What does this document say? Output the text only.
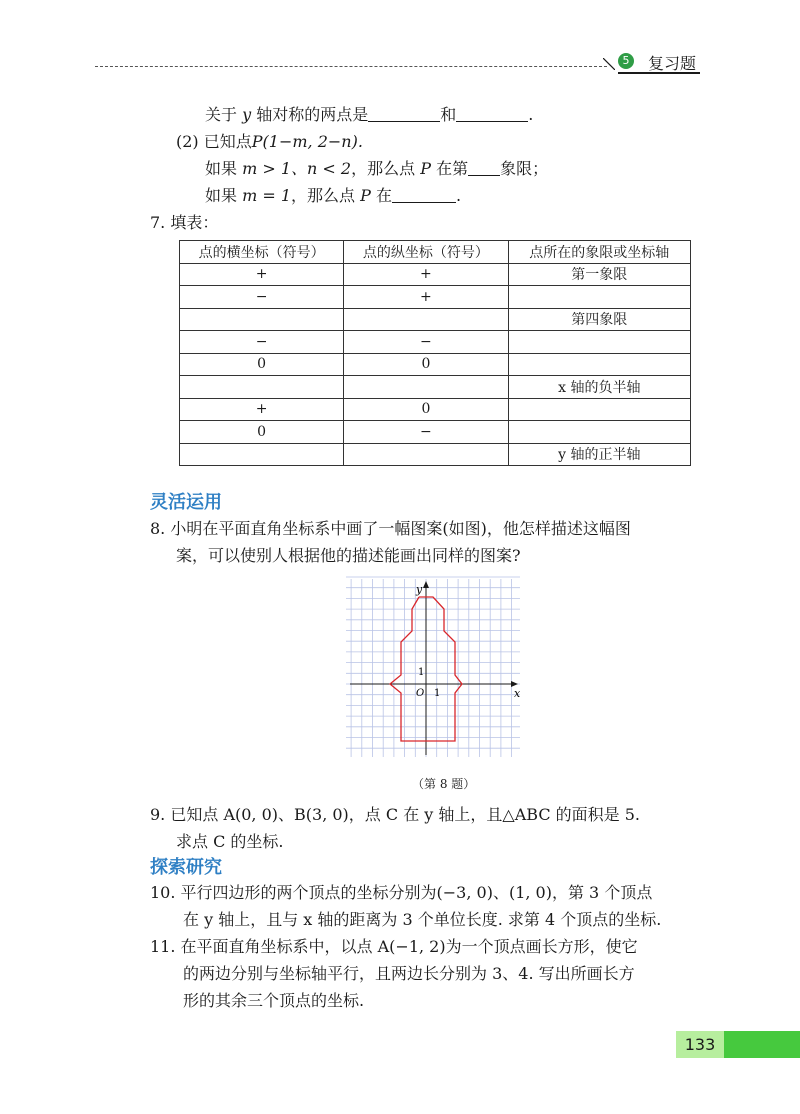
5 复习题
关于 y 轴对称的两点是	和	.
(2) 已知点P(1−m, 2−n).
如果 m > 1、n < 2，那么点 P 在第 象限；
如果 m = 1，那么点 P 在	.
7. 填表：
点的横坐标（符号）	点的纵坐标（符号）	点所在的象限或坐标轴
+	+	第一象限
−	+	
		第四象限
−	−	
0	0	
		x 轴的负半轴
+	0	
0	−	
		y 轴的正半轴
灵活运用
8. 小明在平面直角坐标系中画了一幅图案(如图)，他怎样描述这幅图
案，可以使别人根据他的描述能画出同样的图案?
y
x
O 1
1
（第 8 题）
9. 已知点 A(0, 0)、B(3, 0)，点 C 在 y 轴上，且△ABC 的面积是 5.
求点 C 的坐标.
探索研究
10. 平行四边形的两个顶点的坐标分别为(−3, 0)、(1, 0)，第 3 个顶点
在 y 轴上，且与 x 轴的距离为 3 个单位长度. 求第 4 个顶点的坐标.
11. 在平面直角坐标系中，以点 A(−1, 2)为一个顶点画长方形，使它
的两边分别与坐标轴平行，且两边长分别为 3、4. 写出所画长方
形的其余三个顶点的坐标.
133
